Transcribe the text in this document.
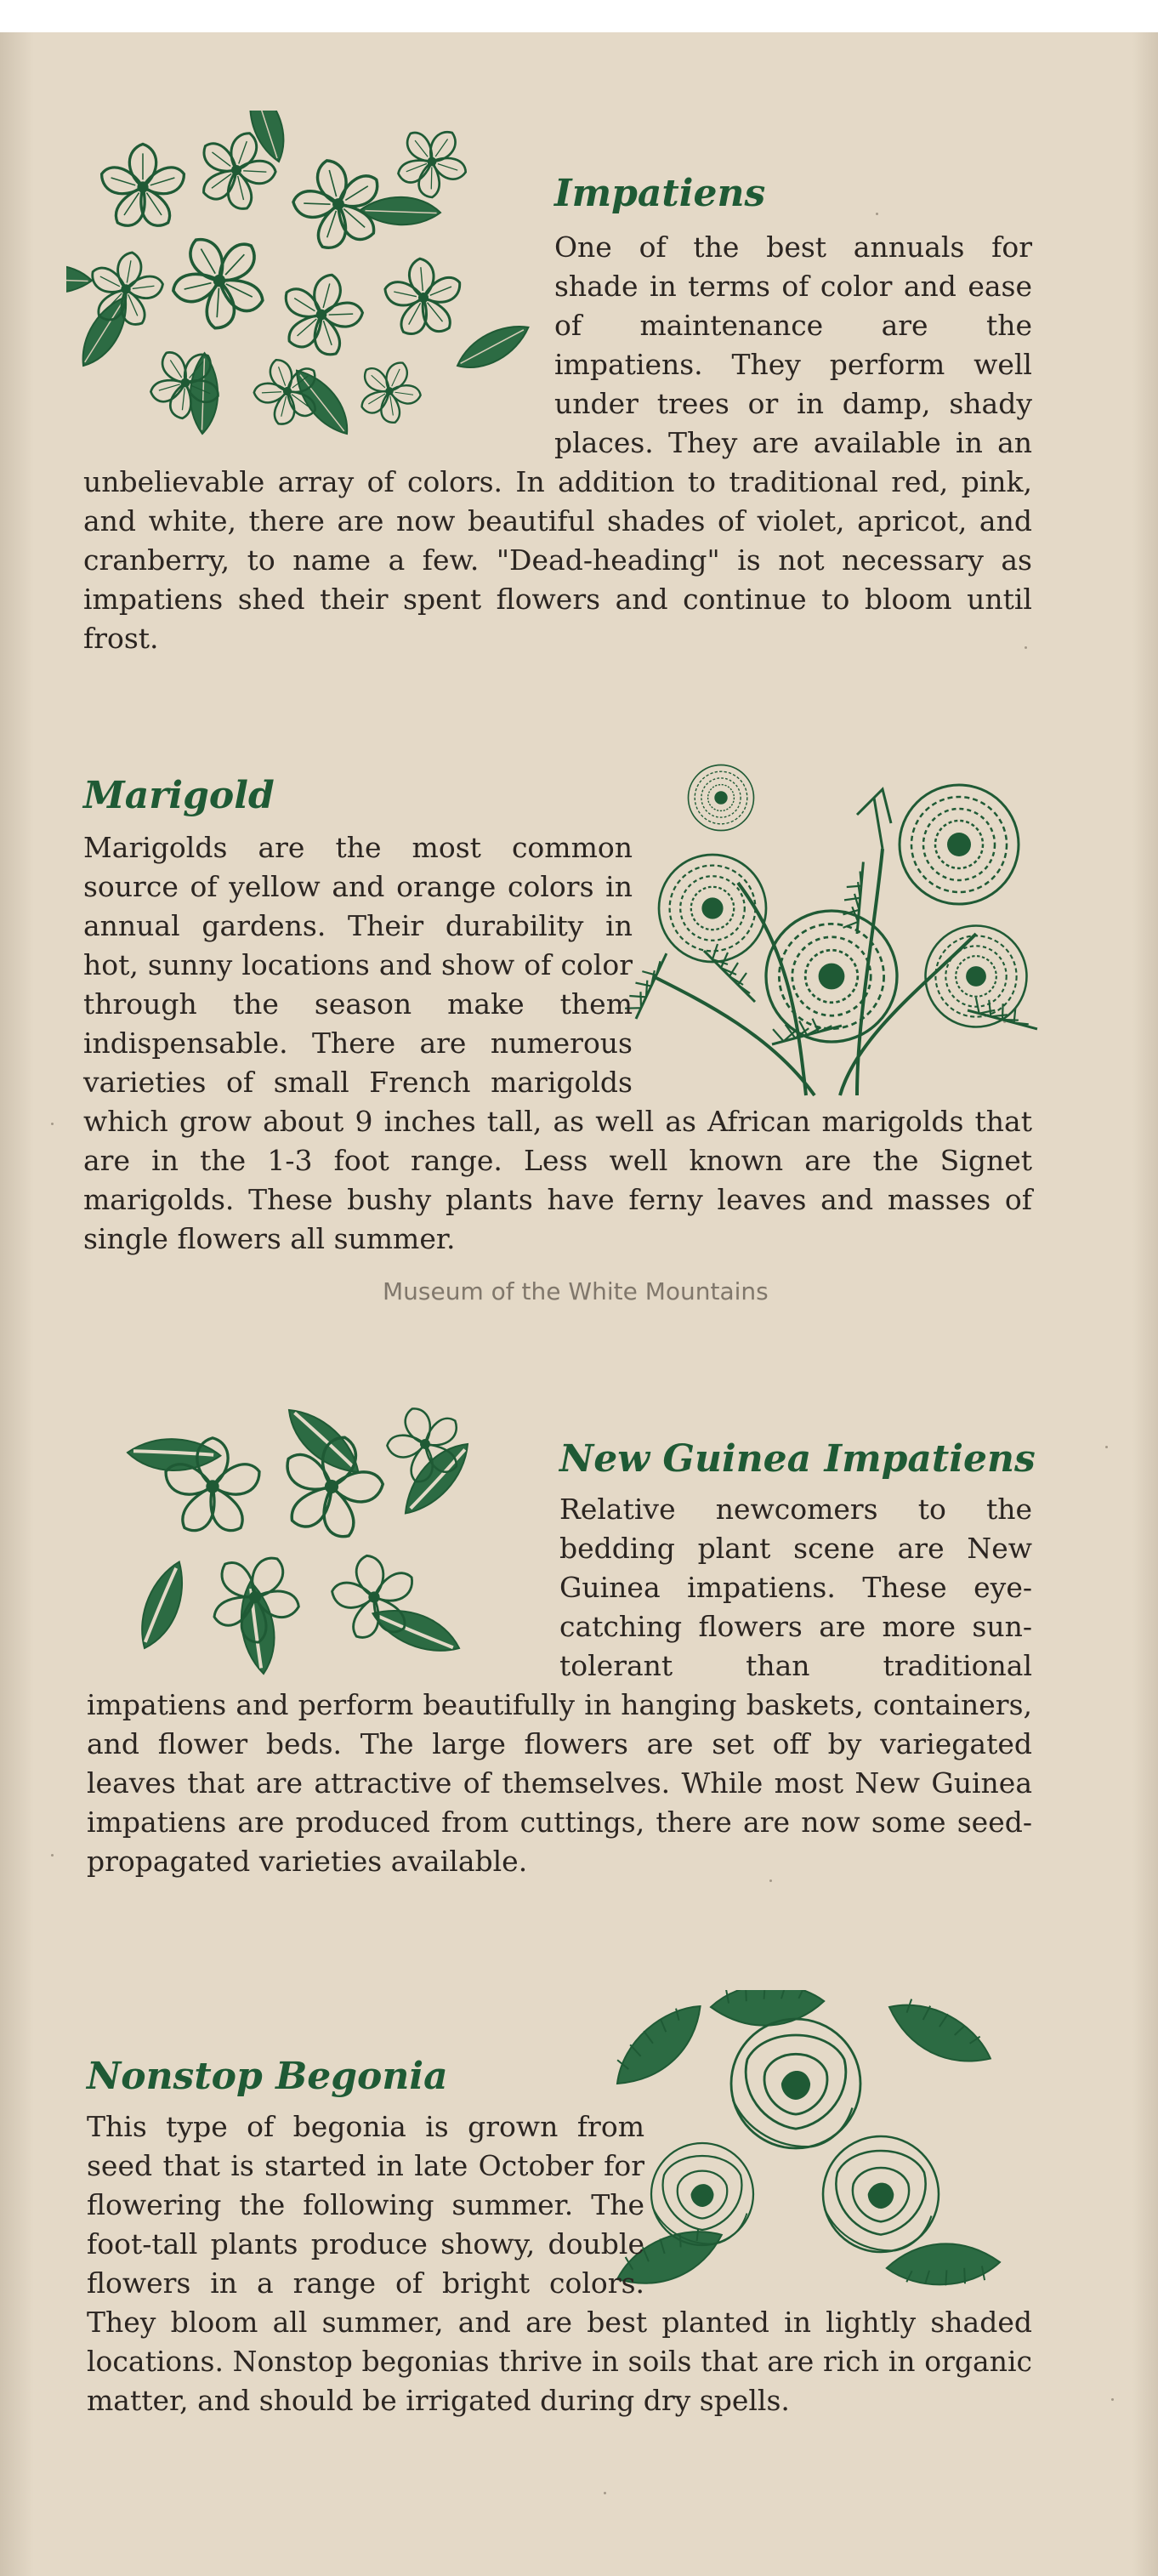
Impatiens

One of the best annuals for shade in terms of color and ease of maintenance are the impatiens. They perform well under trees or in damp, shady places. They are available in an unbelievable array of colors. In addition to traditional red, pink, and white, there are now beautiful shades of violet, apricot, and cranberry, to name a few. "Dead-heading" is not necessary as impatiens shed their spent flowers and continue to bloom until frost.

Marigold

Marigolds are the most common source of yellow and orange colors in annual gardens. Their durability in hot, sunny locations and show of color through the season make them indispensable. There are numerous varieties of small French marigolds which grow about 9 inches tall, as well as African marigolds that are in the 1-3 foot range. Less well known are the Signet marigolds. These bushy plants have ferny leaves and masses of single flowers all summer.

Museum of the White Mountains
New Guinea Impatiens

Relative newcomers to the bedding plant scene are New Guinea impatiens. These eye-catching flowers are more sun-tolerant than traditional impatiens and perform beautifully in hanging baskets, containers, and flower beds. The large flowers are set off by variegated leaves that are attractive of themselves. While most New Guinea impatiens are produced from cuttings, there are now some seed-propagated varieties available.

Nonstop Begonia

This type of begonia is grown from seed that is started in late October for flowering the following summer. The foot-tall plants produce showy, double flowers in a range of bright colors. They bloom all summer, and are best planted in lightly shaded locations. Nonstop begonias thrive in soils that are rich in organic matter, and should be irrigated during dry spells.
